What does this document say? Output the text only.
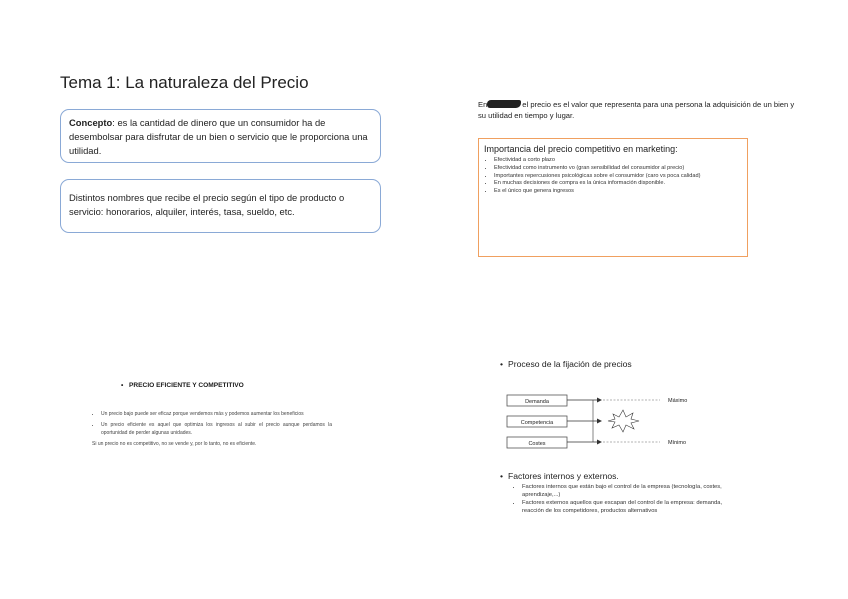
Tema 1: La naturaleza del Precio
Concepto: es la cantidad de dinero que un consumidor ha de desembolsar para disfrutar de un bien o servicio que le proporciona una utilidad.
Distintos nombres que recibe el precio según el tipo de producto o servicio: honorarios, alquiler, interés, tasa, sueldo, etc.
En	el precio es el valor que representa para una persona la adquisición de un bien y su utilidad en tiempo y lugar.
Importancia del precio competitivo en marketing:
• Efectividad a corto plazo
• Efectividad como instrumento vo (gran sensibilidad del consumidor al precio)
• Importantes repercusiones psicológicas sobre el consumidor (caro vs poca calidad)
• En muchas decisiones de compra es la única información disponible.
• Es el único que genera ingresos
• PRECIO EFICIENTE Y COMPETITIVO
• Un precio bajo puede ser eficaz porque vendemos más y podemos aumentar los beneficios
• Un precio eficiente es aquel que optimiza los ingresos al subir el precio aunque perdamos la oportunidad de perder algunas unidades.
Si un precio no es competitivo, no se vende y, por lo tanto, no es eficiente.
• Proceso de la fijación de precios
Demanda
Competencia
Costes
Máximo
Mínimo
• Factores internos y externos.
• Factores internos que están bajo el control de la empresa (tecnología, costes, aprendizaje,...)
• Factores externos aquellos que escapan del control de la empresa: demanda, reacción de los competidores, productos alternativos
